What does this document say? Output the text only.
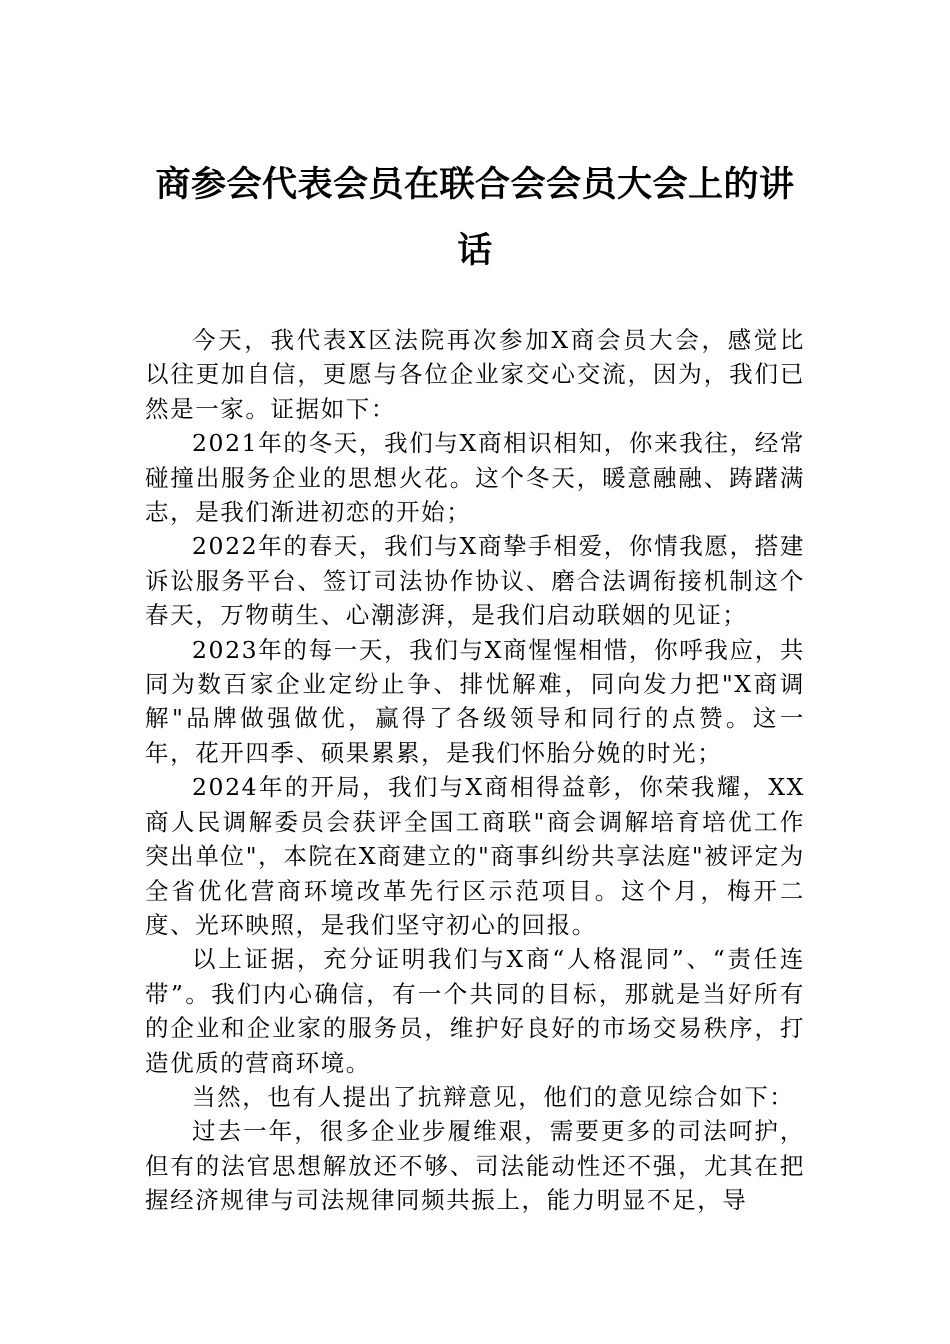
商参会代表会员在联合会会员大会上的讲话

今天，我代表X区法院再次参加X商会员大会，感觉比以往更加自信，更愿与各位企业家交心交流，因为，我们已然是一家。证据如下：

2021年的冬天，我们与X商相识相知，你来我往，经常碰撞出服务企业的思想火花。这个冬天，暖意融融、踌躇满志，是我们渐进初恋的开始；

2022年的春天，我们与X商挚手相爱，你情我愿，搭建诉讼服务平台、签订司法协作协议、磨合法调衔接机制这个春天，万物萌生、心潮澎湃，是我们启动联姻的见证；

2023年的每一天，我们与X商惺惺相惜，你呼我应，共同为数百家企业定纷止争、排忧解难，同向发力把"X商调解"品牌做强做优，赢得了各级领导和同行的点赞。这一年，花开四季、硕果累累，是我们怀胎分娩的时光；

2024年的开局，我们与X商相得益彰，你荣我耀，XX商人民调解委员会获评全国工商联"商会调解培育培优工作突出单位"，本院在X商建立的"商事纠纷共享法庭"被评定为全省优化营商环境改革先行区示范项目。这个月，梅开二度、光环映照，是我们坚守初心的回报。

以上证据，充分证明我们与X商“人格混同”、“责任连带”。我们内心确信，有一个共同的目标，那就是当好所有的企业和企业家的服务员，维护好良好的市场交易秩序，打造优质的营商环境。

当然，也有人提出了抗辩意见，他们的意见综合如下：

过去一年，很多企业步履维艰，需要更多的司法呵护，但有的法官思想解放还不够、司法能动性还不强，尤其在把握经济规律与司法规律同频共振上，能力明显不足，导
